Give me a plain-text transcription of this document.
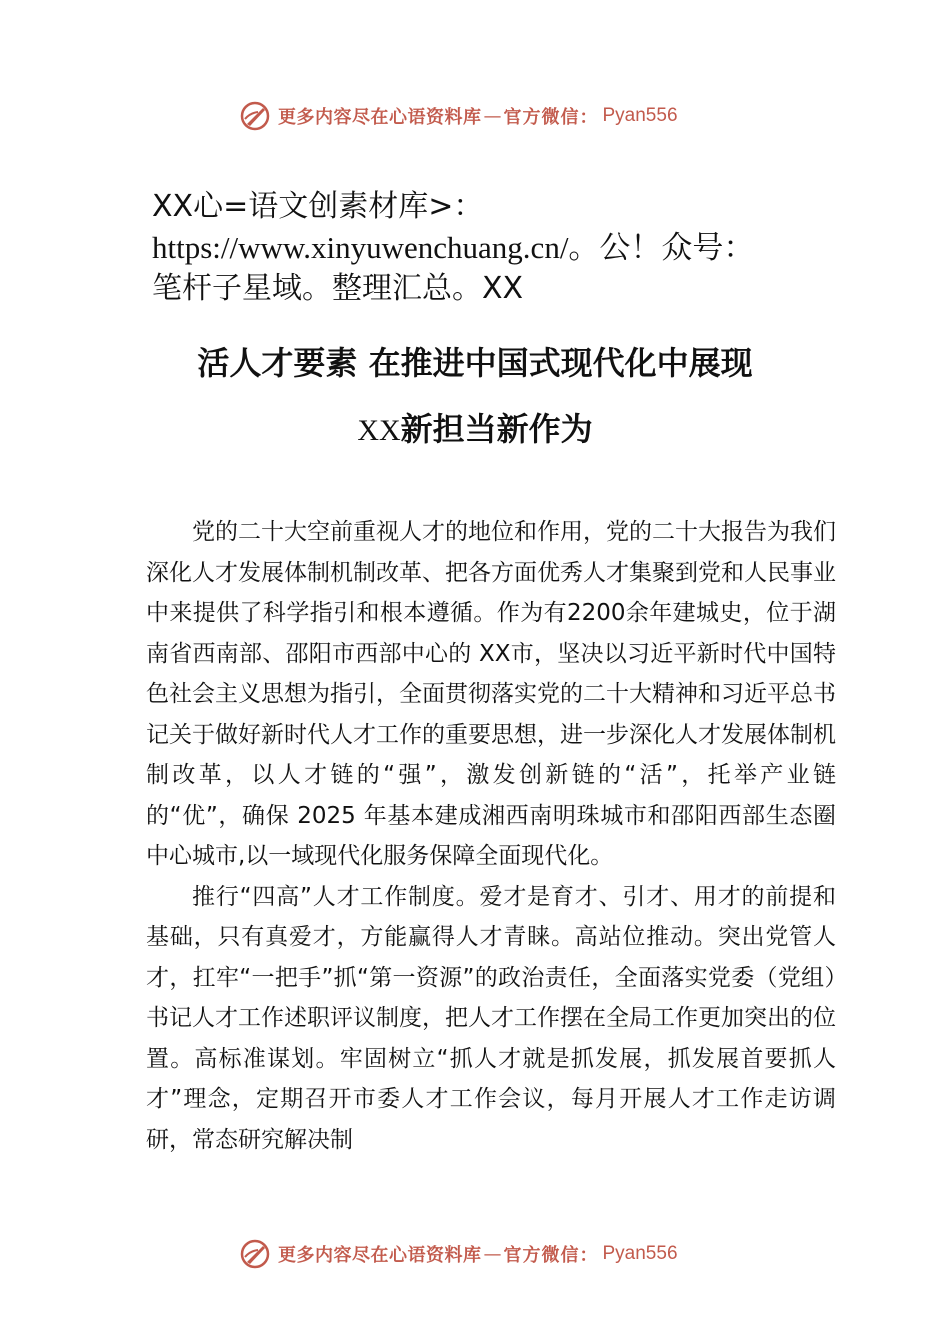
更多内容尽在心语资料库 — 官方微信： Pyan556
XX心=语文创素材库>：
https://www.xinyuwenchuang.cn/。公！众号：
笔杆子星域。整理汇总。XX
活人才要素 在推进中国式现代化中展现
XX新担当新作为

党的二十大空前重视人才的地位和作用，党的二十大报告为我们深化人才发展体制机制改革、把各方面优秀人才集聚到党和人民事业中来提供了科学指引和根本遵循。作为有2200余年建城史，位于湖南省西南部、邵阳市西部中心的 XX市，坚决以习近平新时代中国特色社会主义思想为指引，全面贯彻落实党的二十大精神和习近平总书记关于做好新时代人才工作的重要思想，进一步深化人才发展体制机制改革，以人才链的“强”，激发创新链的“活”，托举产业链的“优”，确保 2025 年基本建成湘西南明珠城市和邵阳西部生态圈中心城市,以一域现代化服务保障全面现代化。

推行“四高”人才工作制度。爱才是育才、引才、用才的前提和基础，只有真爱才，方能赢得人才青睐。高站位推动。突出党管人才，扛牢“一把手”抓“第一资源”的政治责任，全面落实党委（党组）书记人才工作述职评议制度，把人才工作摆在全局工作更加突出的位置。高标准谋划。牢固树立“抓人才就是抓发展，抓发展首要抓人才”理念，定期召开市委人才工作会议，每月开展人才工作走访调研，常态研究解决制

更多内容尽在心语资料库 — 官方微信： Pyan556
